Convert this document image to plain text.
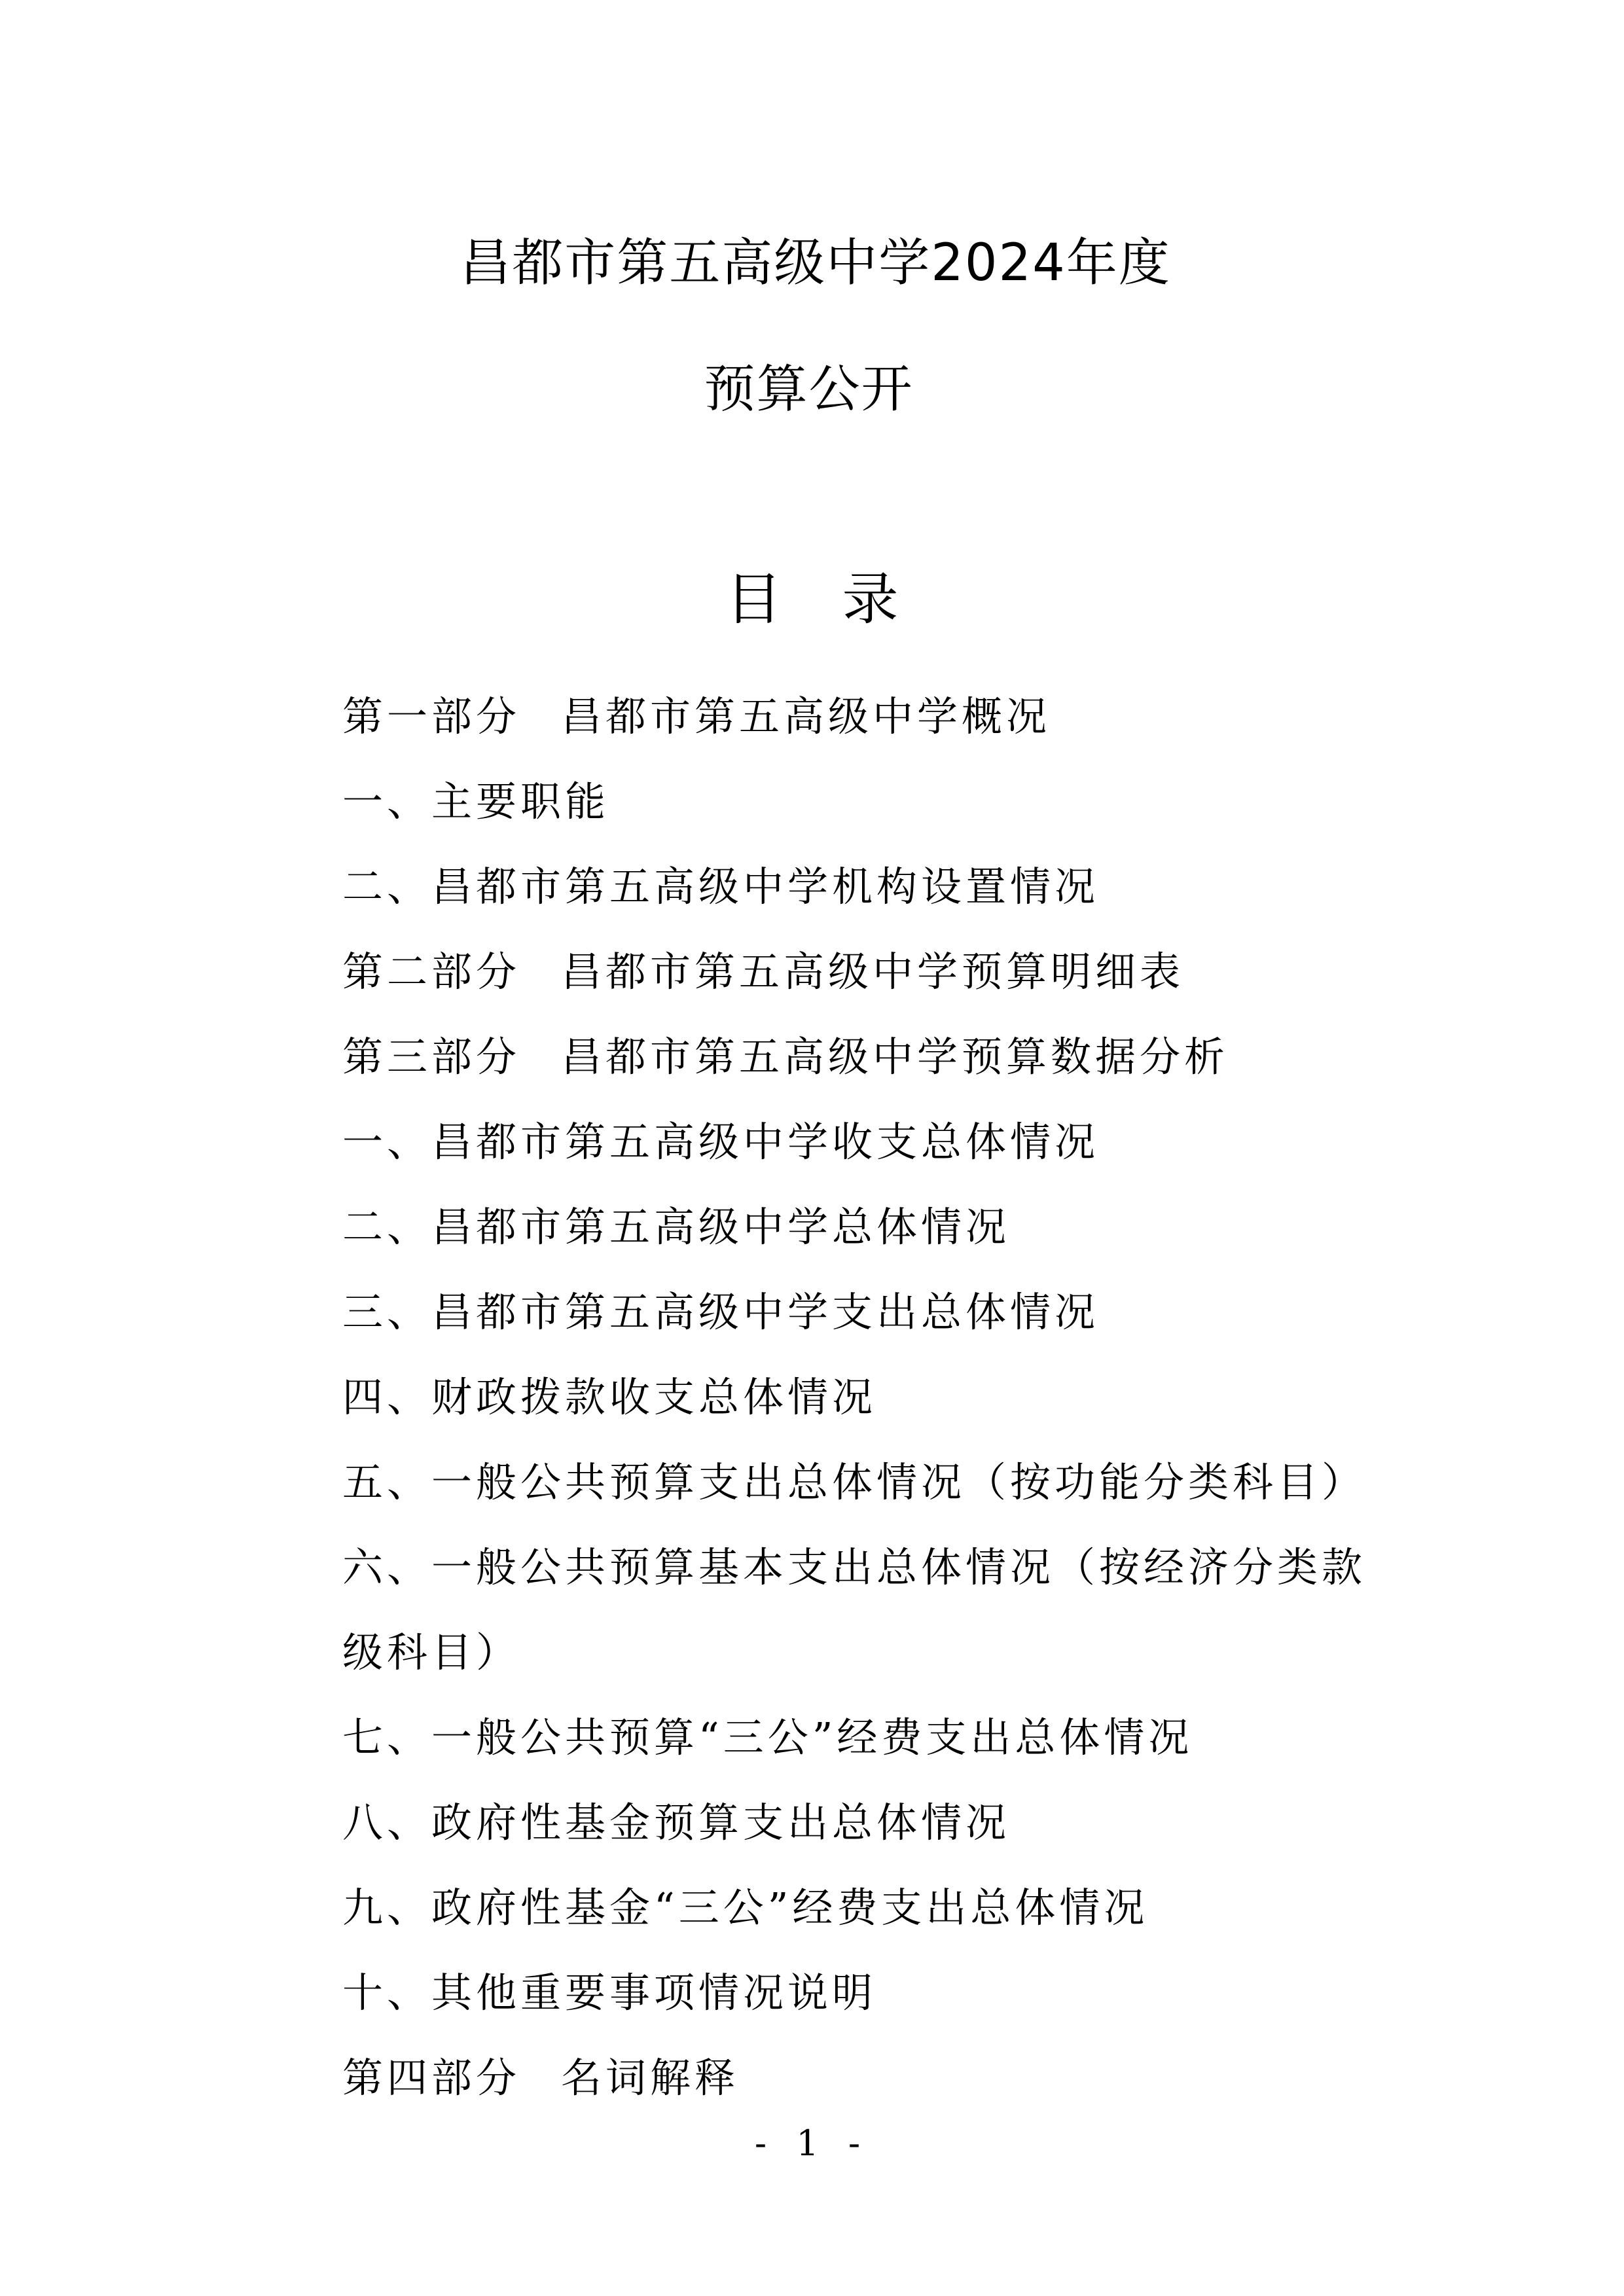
昌都市第五高级中学2024年度
预算公开
目录
第一部分 昌都市第五高级中学概况
一、主要职能
二、昌都市第五高级中学机构设置情况
第二部分 昌都市第五高级中学预算明细表
第三部分 昌都市第五高级中学预算数据分析
一、昌都市第五高级中学收支总体情况
二、昌都市第五高级中学总体情况
三、昌都市第五高级中学支出总体情况
四、财政拨款收支总体情况
五、一般公共预算支出总体情况（按功能分类科目）
六、一般公共预算基本支出总体情况（按经济分类款级科目）
七、一般公共预算“三公”经费支出总体情况
八、政府性基金预算支出总体情况
九、政府性基金“三公”经费支出总体情况
十、其他重要事项情况说明
第四部分 名词解释
- 1 -
